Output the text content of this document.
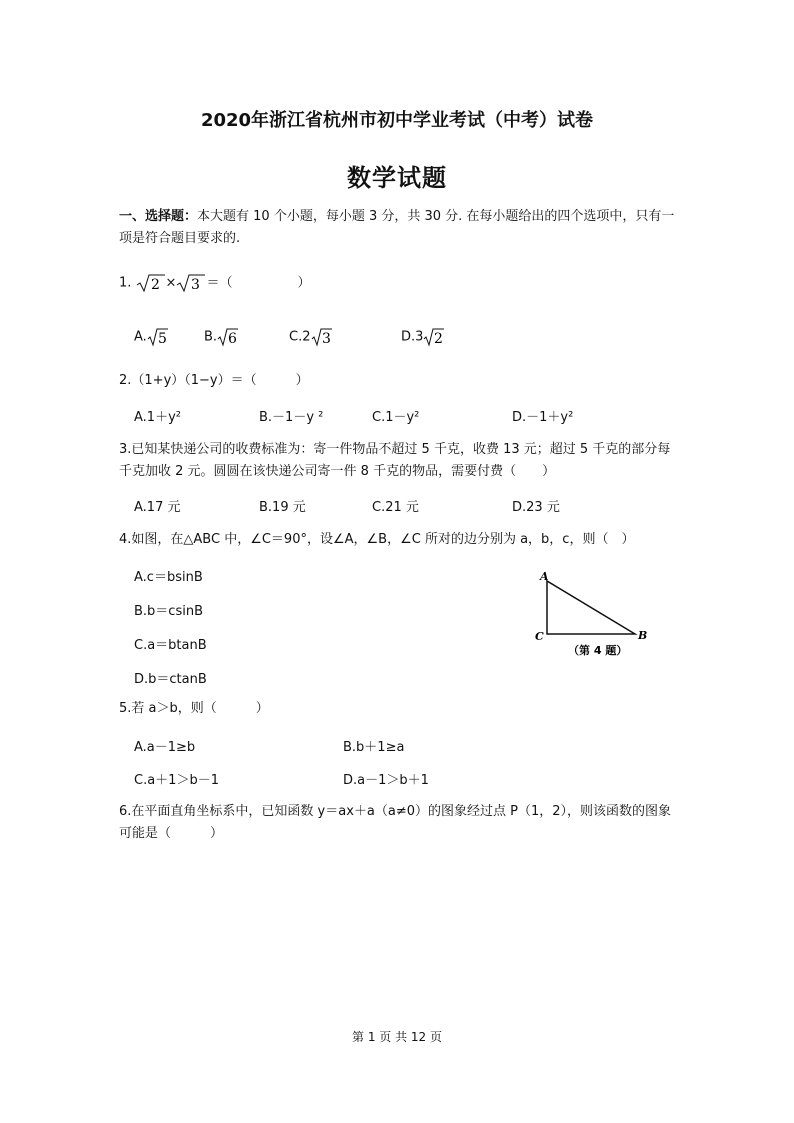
2020年浙江省杭州市初中学业考试（中考）试卷
数学试题
一、选择题：本大题有 10 个小题，每小题 3 分，共 30 分. 在每小题给出的四个选项中，只有一项是符合题目要求的.
1. 2 × 3 ＝（　　　　　）
A. 5	B. 6	C.2 3	D.3 2
2.（1+y）（1−y）＝（　　　）
A.1＋y²	B.－1－y ²	C.1－y²	D.－1＋y²
3.已知某快递公司的收费标准为：寄一件物品不超过 5 千克，收费 13 元；超过 5 千克的部分每千克加收 2 元。圆圆在该快递公司寄一件 8 千克的物品，需要付费（　　）
A.17 元	B.19 元	C.21 元	D.23 元
4.如图，在△ABC 中，∠C＝90°，设∠A，∠B，∠C 所对的边分别为 a，b，c，则（　）
A.c＝bsinB
B.b＝csinB
C.a＝btanB
D.b＝ctanB
A
C	B
（第 4 题）
5.若 a＞b，则（　　　）
A.a－1≥b	B.b＋1≥a
C.a＋1＞b－1	D.a－1＞b＋1
6.在平面直角坐标系中，已知函数 y＝ax＋a（a≠0）的图象经过点 P（1，2），则该函数的图象可能是（　　　）
第 1 页 共 12 页
